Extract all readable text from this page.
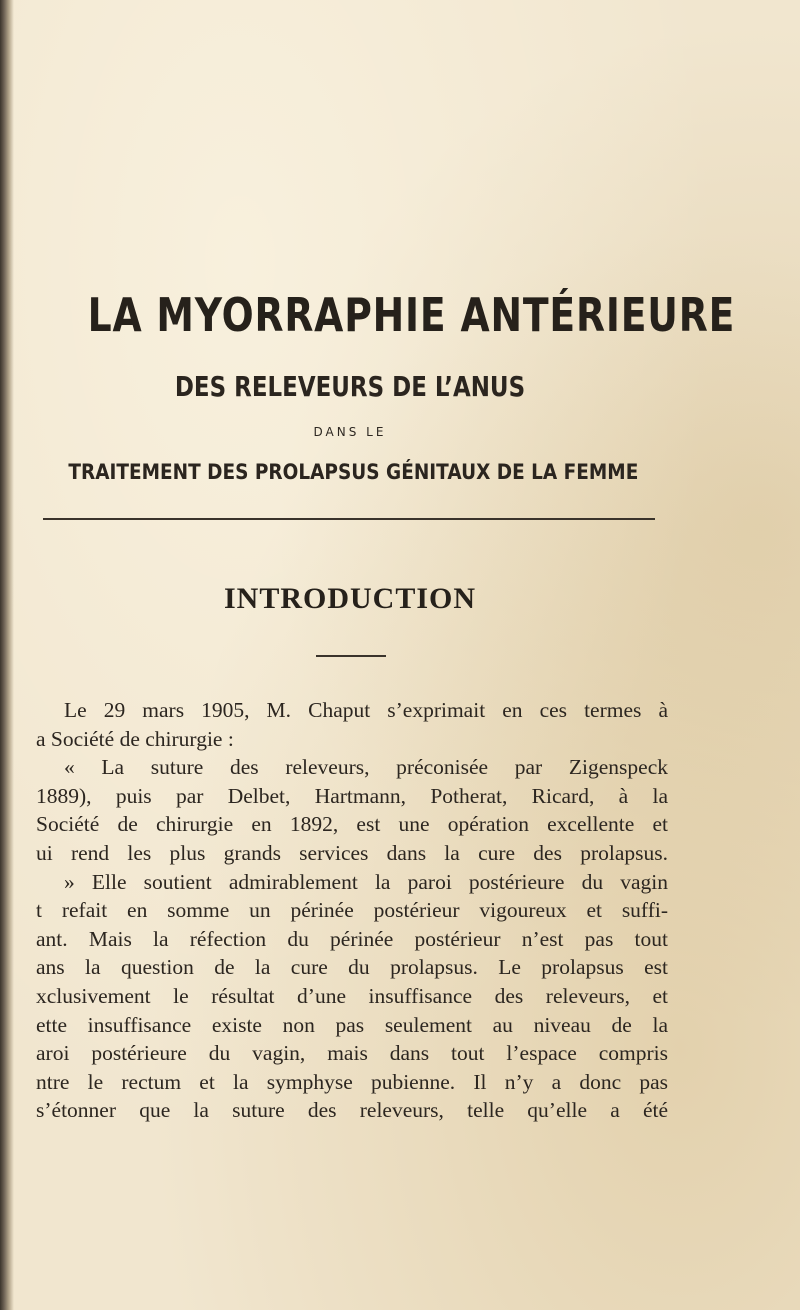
LA MYORRAPHIE ANTÉRIEURE
DES RELEVEURS DE L’ANUS
DANS LE
TRAITEMENT DES PROLAPSUS GÉNITAUX DE LA FEMME
INTRODUCTION
Le 29 mars 1905, M. Chaput s’exprimait en ces termes à
a Société de chirurgie :
« La suture des releveurs, préconisée par Zigenspeck
1889), puis par Delbet, Hartmann, Potherat, Ricard, à la
Société de chirurgie en 1892, est une opération excellente et
ui rend les plus grands services dans la cure des prolapsus.
» Elle soutient admirablement la paroi postérieure du vagin
t refait en somme un périnée postérieur vigoureux et suffi-
ant. Mais la réfection du périnée postérieur n’est pas tout
ans la question de la cure du prolapsus. Le prolapsus est
xclusivement le résultat d’une insuffisance des releveurs, et
ette insuffisance existe non pas seulement au niveau de la
aroi postérieure du vagin, mais dans tout l’espace compris
ntre le rectum et la symphyse pubienne. Il n’y a donc pas
s’étonner que la suture des releveurs, telle qu’elle a été
